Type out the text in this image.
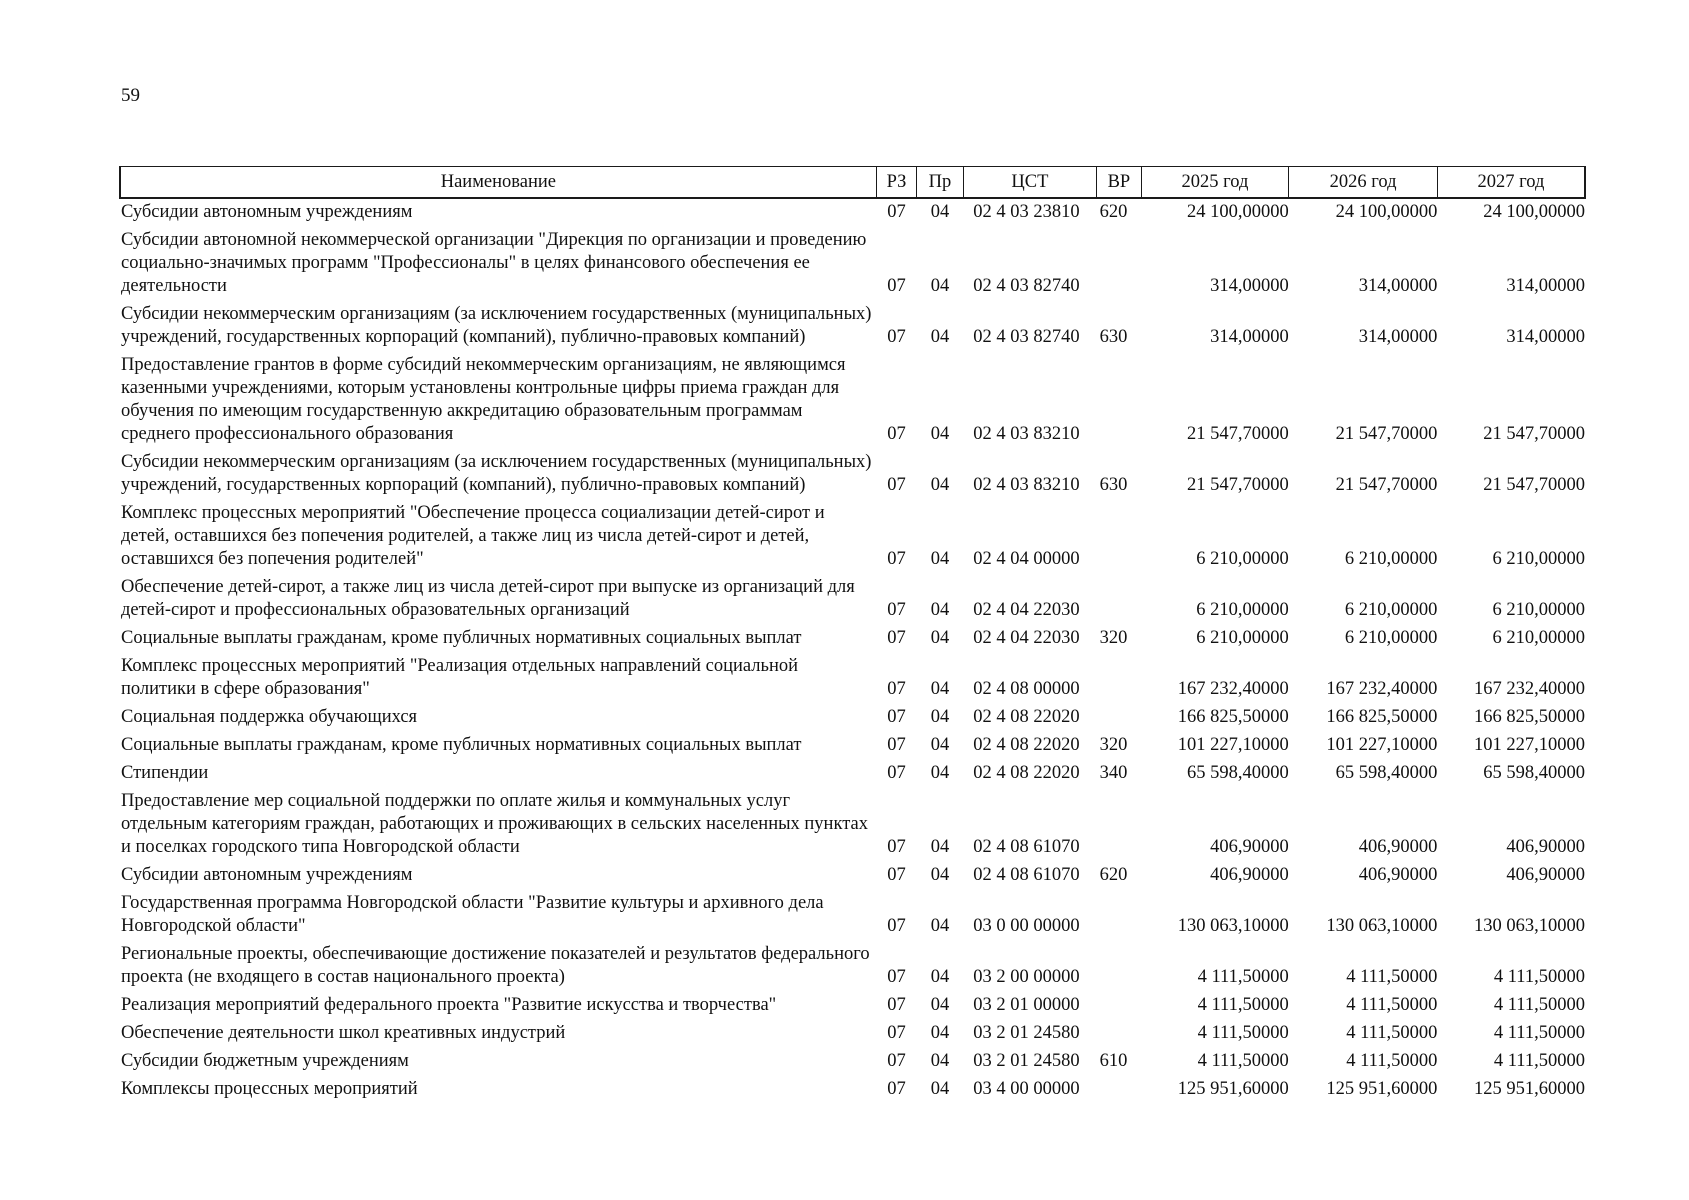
59
Наименование	РЗ	Пр	ЦСТ	ВР	2025 год	2026 год	2027 год
Субсидии автономным учреждениям	07	04	02 4 03 23810	620	24 100,00000	24 100,00000	24 100,00000
Субсидии автономной некоммерческой организации "Дирекция по организации и проведению социально-значимых программ "Профессионалы" в целях финансового обеспечения ее деятельности	07	04	02 4 03 82740		314,00000	314,00000	314,00000
Субсидии некоммерческим организациям (за исключением государственных (муниципальных) учреждений, государственных корпораций (компаний), публично-правовых компаний)	07	04	02 4 03 82740	630	314,00000	314,00000	314,00000
Предоставление грантов в форме субсидий некоммерческим организациям, не являющимся казенными учреждениями, которым установлены контрольные цифры приема граждан для обучения по имеющим государственную аккредитацию образовательным программам среднего профессионального образования	07	04	02 4 03 83210		21 547,70000	21 547,70000	21 547,70000
Субсидии некоммерческим организациям (за исключением государственных (муниципальных) учреждений, государственных корпораций (компаний), публично-правовых компаний)	07	04	02 4 03 83210	630	21 547,70000	21 547,70000	21 547,70000
Комплекс процессных мероприятий "Обеспечение процесса социализации детей-сирот и детей, оставшихся без попечения родителей, а также лиц из числа детей-сирот и детей, оставшихся без попечения родителей"	07	04	02 4 04 00000		6 210,00000	6 210,00000	6 210,00000
Обеспечение детей-сирот, а также лиц из числа детей-сирот при выпуске из организаций для детей-сирот и профессиональных образовательных организаций	07	04	02 4 04 22030		6 210,00000	6 210,00000	6 210,00000
Социальные выплаты гражданам, кроме публичных нормативных социальных выплат	07	04	02 4 04 22030	320	6 210,00000	6 210,00000	6 210,00000
Комплекс процессных мероприятий "Реализация отдельных направлений социальной политики в сфере образования"	07	04	02 4 08 00000		167 232,40000	167 232,40000	167 232,40000
Социальная поддержка обучающихся	07	04	02 4 08 22020		166 825,50000	166 825,50000	166 825,50000
Социальные выплаты гражданам, кроме публичных нормативных социальных выплат	07	04	02 4 08 22020	320	101 227,10000	101 227,10000	101 227,10000
Стипендии	07	04	02 4 08 22020	340	65 598,40000	65 598,40000	65 598,40000
Предоставление мер социальной поддержки по оплате жилья и коммунальных услуг отдельным категориям граждан, работающих и проживающих в сельских населенных пунктах и поселках городского типа Новгородской области	07	04	02 4 08 61070		406,90000	406,90000	406,90000
Субсидии автономным учреждениям	07	04	02 4 08 61070	620	406,90000	406,90000	406,90000
Государственная программа Новгородской области "Развитие культуры и архивного дела Новгородской области"	07	04	03 0 00 00000		130 063,10000	130 063,10000	130 063,10000
Региональные проекты, обеспечивающие достижение показателей и результатов федерального проекта (не входящего в состав национального проекта)	07	04	03 2 00 00000		4 111,50000	4 111,50000	4 111,50000
Реализация мероприятий федерального проекта "Развитие искусства и творчества"	07	04	03 2 01 00000		4 111,50000	4 111,50000	4 111,50000
Обеспечение деятельности школ креативных индустрий	07	04	03 2 01 24580		4 111,50000	4 111,50000	4 111,50000
Субсидии бюджетным учреждениям	07	04	03 2 01 24580	610	4 111,50000	4 111,50000	4 111,50000
Комплексы процессных мероприятий	07	04	03 4 00 00000		125 951,60000	125 951,60000	125 951,60000
